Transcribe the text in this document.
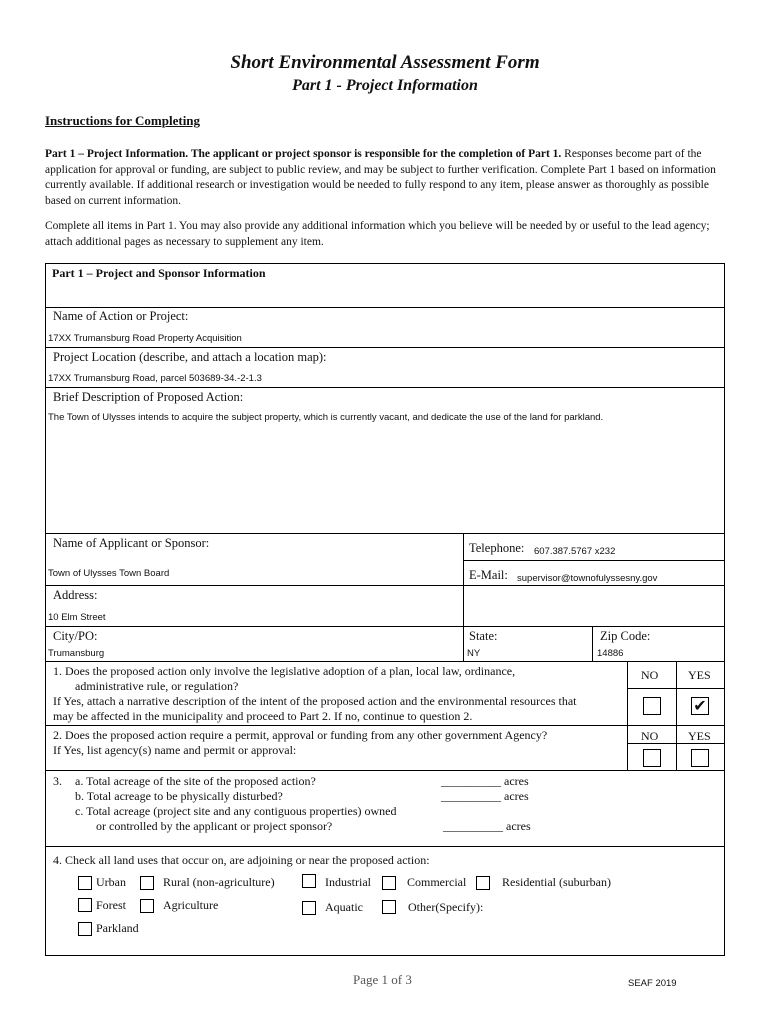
Short Environmental Assessment Form
Part 1 - Project Information
Instructions for Completing
Part 1 – Project Information. The applicant or project sponsor is responsible for the completion of Part 1. Responses become part of the application for approval or funding, are subject to public review, and may be subject to further verification. Complete Part 1 based on information currently available. If additional research or investigation would be needed to fully respond to any item, please answer as thoroughly as possible based on current information.
Complete all items in Part 1. You may also provide any additional information which you believe will be needed by or useful to the lead agency; attach additional pages as necessary to supplement any item.
Part 1 – Project and Sponsor Information
Name of Action or Project:
17XX Trumansburg Road Property Acquisition
Project Location (describe, and attach a location map):
17XX Trumansburg Road, parcel 503689-34.-2-1.3
Brief Description of Proposed Action:
The Town of Ulysses intends to acquire the subject property, which is currently vacant, and dedicate the use of the land for parkland.
Name of Applicant or Sponsor:
Town of Ulysses Town Board
Telephone: 607.387.5767 x232
E-Mail: supervisor@townofulyssesny.gov
Address:
10 Elm Street
City/PO:
Trumansburg
State:
NY
Zip Code:
14886
1. Does the proposed action only involve the legislative adoption of a plan, local law, ordinance,
administrative rule, or regulation?
If Yes, attach a narrative description of the intent of the proposed action and the environmental resources that
may be affected in the municipality and proceed to Part 2. If no, continue to question 2.
NO YES
✔
2. Does the proposed action require a permit, approval or funding from any other government Agency?
If Yes, list agency(s) name and permit or approval:
NO YES
3. a. Total acreage of the site of the proposed action?
b. Total acreage to be physically disturbed?
c. Total acreage (project site and any contiguous properties) owned
or controlled by the applicant or project sponsor?
__________ acres
__________ acres
__________ acres
4. Check all land uses that occur on, are adjoining or near the proposed action:
Urban	Rural (non-agriculture)	Industrial	Commercial	Residential (suburban)
Forest	Agriculture	Aquatic	Other(Specify):
Parkland
Page 1 of 3	SEAF 2019
